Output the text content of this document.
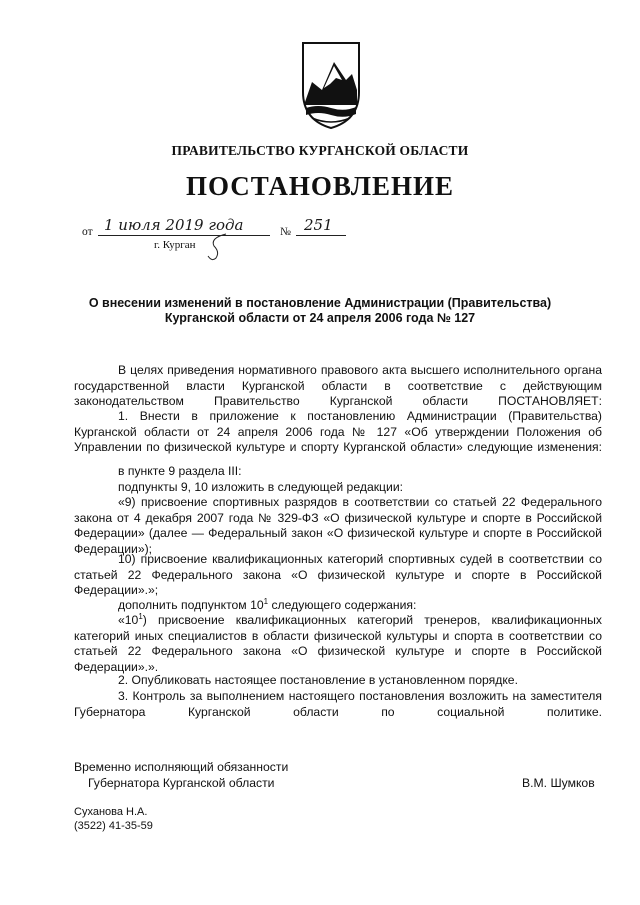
ПРАВИТЕЛЬСТВО КУРГАНСКОЙ ОБЛАСТИ
ПОСТАНОВЛЕНИЕ
от 1 июля 2019 года	№ 251
г. Курган
О внесении изменений в постановление Администрации (Правительства)
Курганской области от 24 апреля 2006 года № 127
В целях приведения нормативного правового акта высшего исполнительного органа государственной власти Курганской области в соответствие с действующим законодательством Правительство Курганской области ПОСТАНОВЛЯЕТ:
1. Внести в приложение к постановлению Администрации (Правительства) Курганской области от 24 апреля 2006 года № 127 «Об утверждении Положения об Управлении по физической культуре и спорту Курганской области» следующие изменения:
в пункте 9 раздела III:
подпункты 9, 10 изложить в следующей редакции:
«9) присвоение спортивных разрядов в соответствии со статьей 22 Федерального закона от 4 декабря 2007 года № 329-ФЗ «О физической культуре и спорте в Российской Федерации» (далее — Федеральный закон «О физической культуре и спорте в Российской Федерации»);
10) присвоение квалификационных категорий спортивных судей в соответствии со статьей 22 Федерального закона «О физической культуре и спорте в Российской Федерации».»;
дополнить подпунктом $10^1$ следующего содержания:
«$10^1$) присвоение квалификационных категорий тренеров, квалификационных категорий иных специалистов в области физической культуры и спорта в соответствии со статьей 22 Федерального закона «О физической культуре и спорте в Российской Федерации».».
2. Опубликовать настоящее постановление в установленном порядке.
3. Контроль за выполнением настоящего постановления возложить на заместителя Губернатора Курганской области по социальной политике.
Временно исполняющий обязанности
Губернатора Курганской области	В.М. Шумков
Суханова Н.А.
(3522) 41-35-59
